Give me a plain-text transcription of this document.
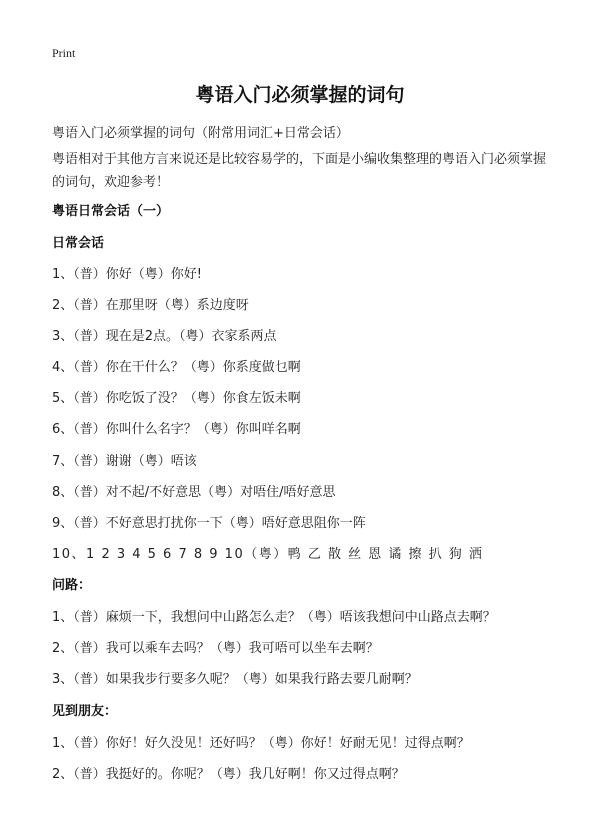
Print
粤语入门必须掌握的词句
粤语入门必须掌握的词句（附常用词汇+日常会话）
粤语相对于其他方言来说还是比较容易学的，下面是小编收集整理的粤语入门必须掌握的词句，欢迎参考！
粤语日常会话（一）
日常会话
1、（普）你好（粤）你好!
2、（普）在那里呀（粤）系边度呀
3、（普）现在是2点。（粤）衣家系两点
4、（普）你在干什么？（粤）你系度做乜啊
5、（普）你吃饭了没？（粤）你食左饭未啊
6、（普）你叫什么名字？（粤）你叫咩名啊
7、（普）谢谢（粤）唔该
8、（普）对不起/不好意思（粤）对唔住/唔好意思
9、（普）不好意思打扰你一下（粤）唔好意思阻你一阵
10、1 2 3 4 5 6 7 8 9 10（粤）鸭 乙 散 丝 恩 谲 擦 扒 狗 洒
问路：
1、（普）麻烦一下，我想问中山路怎么走？（粤）唔该我想问中山路点去啊？
2、（普）我可以乘车去吗？（粤）我可唔可以坐车去啊？
3、（普）如果我步行要多久呢？（粤）如果我行路去要几耐啊？
见到朋友：
1、（普）你好！好久没见！还好吗？（粤）你好！好耐无见！过得点啊？
2、（普）我挺好的。你呢？（粤）我几好啊！你又过得点啊？
